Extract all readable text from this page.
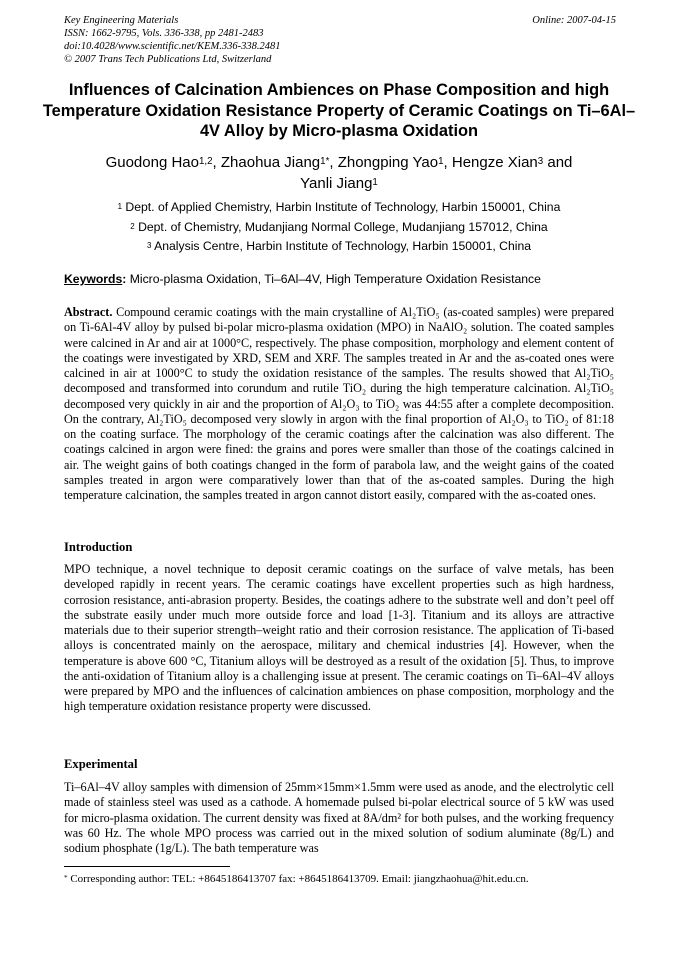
Key Engineering Materials
ISSN: 1662-9795, Vols. 336-338, pp 2481-2483
doi:10.4028/www.scientific.net/KEM.336-338.2481
© 2007 Trans Tech Publications Ltd, Switzerland
Online: 2007-04-15
Influences of Calcination Ambiences on Phase Composition and high Temperature Oxidation Resistance Property of Ceramic Coatings on Ti–6Al–4V Alloy by Micro-plasma Oxidation
Guodong Hao$^{1,2}$, Zhaohua Jiang$^{1*}$, Zhongping Yao$^1$, Hengze Xian$^3$ and
Yanli Jiang$^1$
$^1$ Dept. of Applied Chemistry, Harbin Institute of Technology, Harbin 150001, China
$^2$ Dept. of Chemistry, Mudanjiang Normal College, Mudanjiang 157012, China
$^3$ Analysis Centre, Harbin Institute of Technology, Harbin 150001, China
Keywords: Micro-plasma Oxidation, Ti–6Al–4V, High Temperature Oxidation Resistance
Abstract. Compound ceramic coatings with the main crystalline of Al₂TiO₅ (as-coated samples) were prepared on Ti-6Al-4V alloy by pulsed bi-polar micro-plasma oxidation (MPO) in NaAlO₂ solution. The coated samples were calcined in Ar and air at 1000°C, respectively. The phase composition, morphology and element content of the coatings were investigated by XRD, SEM and XRF. The samples treated in Ar and the as-coated ones were calcined in air at 1000°C to study the oxidation resistance of the samples. The results showed that Al₂TiO₅ decomposed and transformed into corundum and rutile TiO₂ during the high temperature calcination. Al₂TiO₅ decomposed very quickly in air and the proportion of Al₂O₃ to TiO₂ was 44:55 after a complete decomposition. On the contrary, Al₂TiO₅ decomposed very slowly in argon with the final proportion of Al₂O₃ to TiO₂ of 81:18 on the coating surface. The morphology of the ceramic coatings after the calcination was also different. The coatings calcined in argon were fined: the grains and pores were smaller than those of the coatings calcined in air. The weight gains of both coatings changed in the form of parabola law, and the weight gains of the coated samples treated in argon were comparatively lower than that of the as-coated samples. During the high temperature calcination, the samples treated in argon cannot distort easily, compared with the as-coated ones.
Introduction
MPO technique, a novel technique to deposit ceramic coatings on the surface of valve metals, has been developed rapidly in recent years. The ceramic coatings have excellent properties such as high hardness, corrosion resistance, anti-abrasion property. Besides, the coatings adhere to the substrate well and don’t peel off the substrate easily under much more outside force and load [1-3]. Titanium and its alloys are attractive materials due to their superior strength–weight ratio and their corrosion resistance. The application of Ti-based alloys is concentrated mainly on the aerospace, military and chemical industries [4]. However, when the temperature is above 600 °C, Titanium alloys will be destroyed as a result of the oxidation [5]. Thus, to improve the anti-oxidation of Titanium alloy is a challenging issue at present. The ceramic coatings on Ti–6Al–4V alloys were prepared by MPO and the influences of calcination ambiences on phase composition, morphology and the high temperature oxidation resistance property were discussed.
Experimental
Ti–6Al–4V alloy samples with dimension of 25mm×15mm×1.5mm were used as anode, and the electrolytic cell made of stainless steel was used as a cathode. A homemade pulsed bi-polar electrical source of 5 kW was used for micro-plasma oxidation. The current density was fixed at 8A/dm² for both pulses, and the working frequency was 60 Hz. The whole MPO process was carried out in the mixed solution of sodium aluminate (8g/L) and sodium phosphate (1g/L). The bath temperature was
* Corresponding author: TEL: +8645186413707 fax: +8645186413709. Email: jiangzhaohua@hit.edu.cn.
